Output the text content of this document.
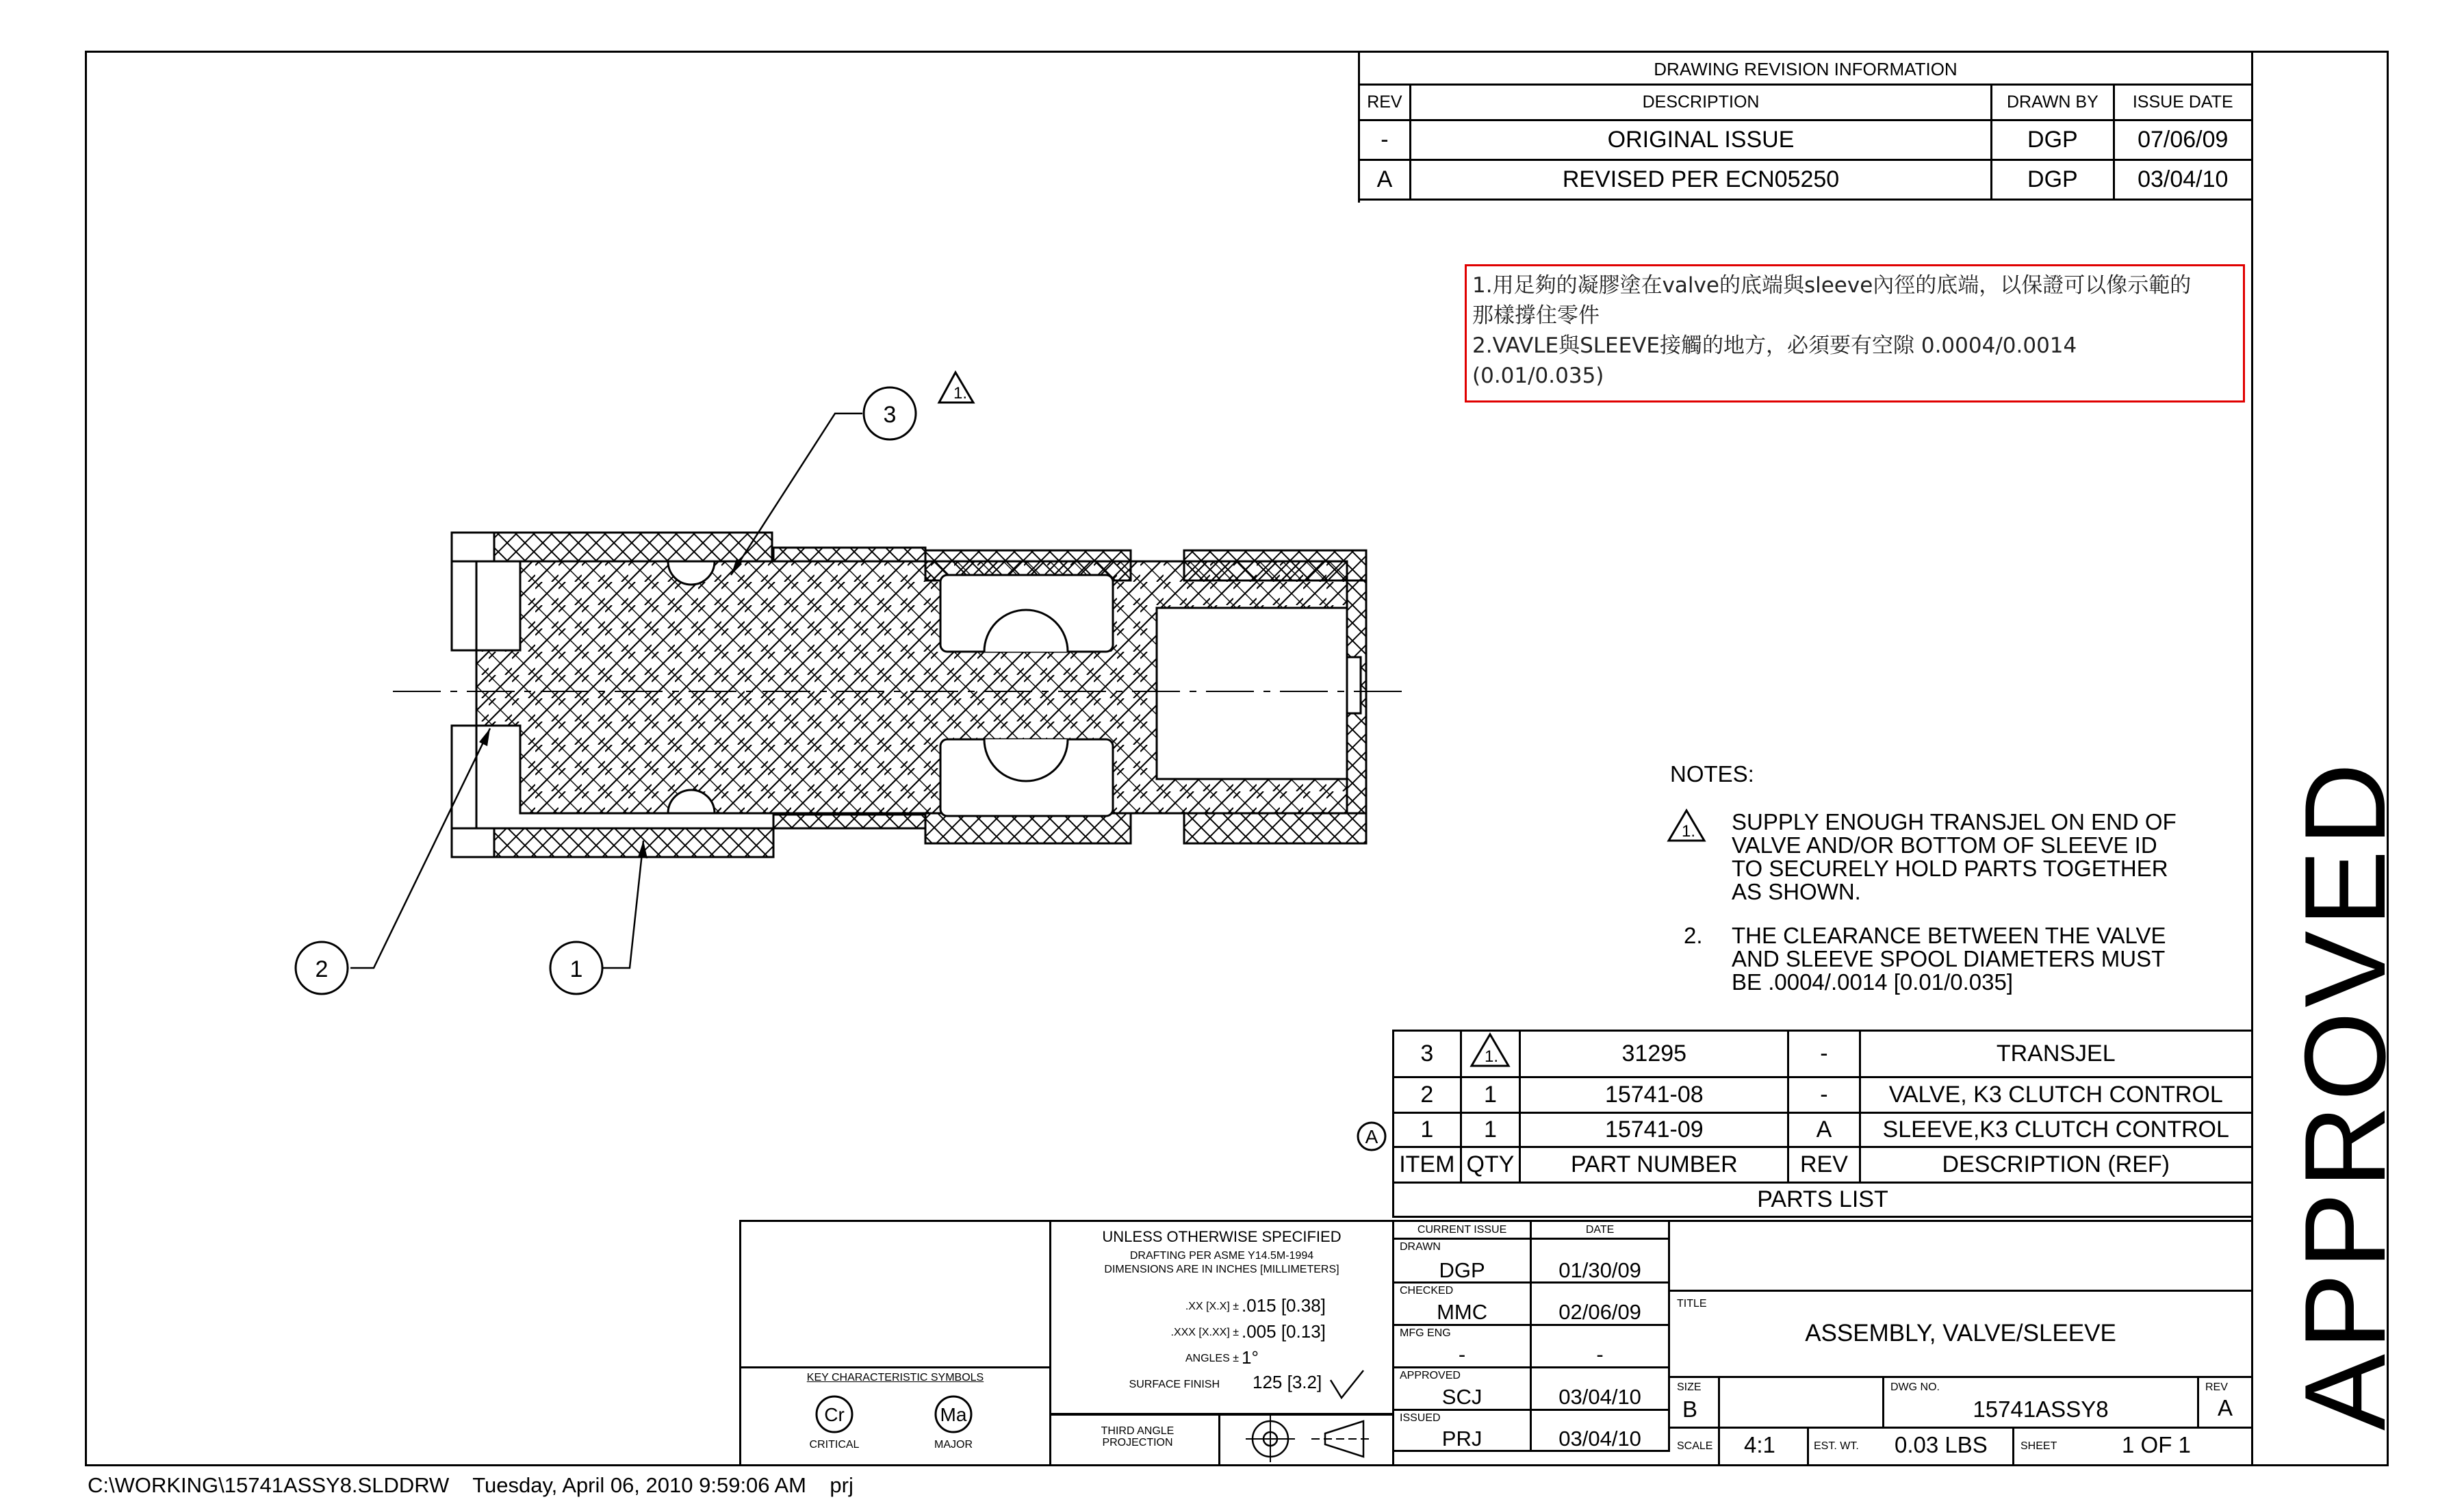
DRAWING REVISION INFORMATION
REV	DESCRIPTION	DRAWN BY	ISSUE DATE
-	ORIGINAL ISSUE	DGP	07/06/09
A	REVISED PER ECN05250	DGP	03/04/10
1.用足夠的凝膠塗在valve的底端與sleeve內徑的底端，以保證可以像示範的
那樣撐住零件
2.VAVLE與SLEEVE接觸的地方，必須要有空隙 0.0004/0.0014
(0.01/0.035)
3
1.
2	1
NOTES:
1. SUPPLY ENOUGH TRANSJEL ON END OF
VALVE AND/OR BOTTOM OF SLEEVE ID
TO SECURELY HOLD PARTS TOGETHER
AS SHOWN.
2. THE CLEARANCE BETWEEN THE VALVE
AND SLEEVE SPOOL DIAMETERS MUST
BE .0004/.0014 [0.01/0.035]
3	1.	31295	-	TRANSJEL
2	1	15741-08	-	VALVE, K3 CLUTCH CONTROL
1	1	15741-09	A	SLEEVE,K3 CLUTCH CONTROL
ITEM	QTY	PART NUMBER	REV	DESCRIPTION (REF)
PARTS LIST				
A
KEY CHARACTERISTIC SYMBOLS
Cr	Ma
CRITICAL	MAJOR
UNLESS OTHERWISE SPECIFIED
DRAFTING PER ASME Y14.5M-1994
DIMENSIONS ARE IN INCHES [MILLIMETERS]
.XX [X.X] ± .015 [0.38]
.XXX [X.XX] ± .005 [0.13]
ANGLES ± 1°
SURFACE FINISH 125 [3.2]
THIRD ANGLE PROJECTION
CURRENT ISSUE	DATE

DRAWN
DGP	01/30/09

CHECKED
MMC	02/06/09

MFG ENG
-	-

APPROVED
SCJ	03/04/10

ISSUED
PRJ	03/04/10
TITLE
ASSEMBLY, VALVE/SLEEVE
SIZE
B
DWG NO.
15741ASSY8
REV
A
SCALE 4:1	EST. WT. 0.03 LBS	SHEET	1 OF 1
APPROVED
C:\WORKING\15741ASSY8.SLDDRW Tuesday, April 06, 2010 9:59:06 AM prj
